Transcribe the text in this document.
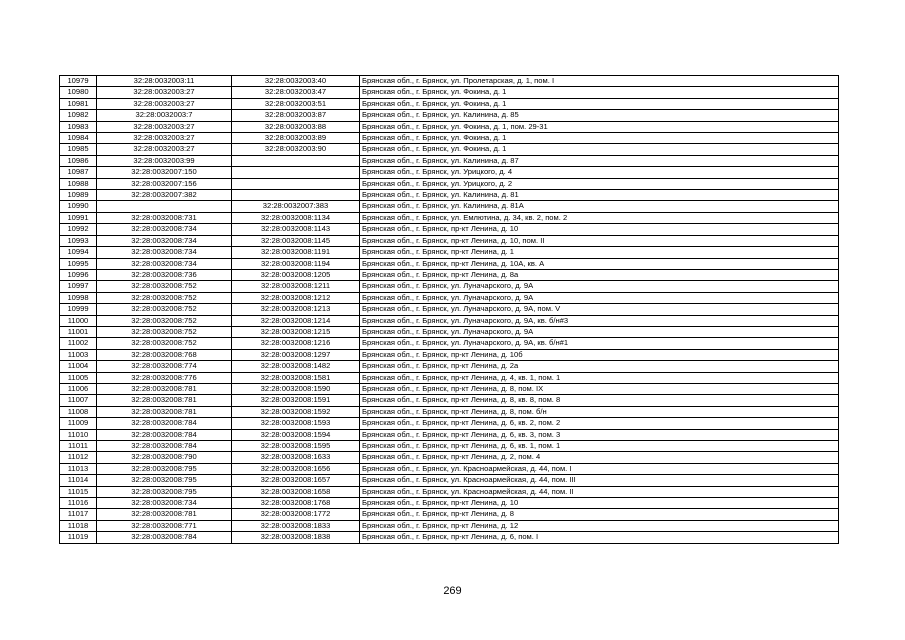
10979	32:28:0032003:11	32:28:0032003:40	Брянская обл., г. Брянск, ул. Пролетарская, д. 1, пом. I
10980	32:28:0032003:27	32:28:0032003:47	Брянская обл., г. Брянск, ул. Фокина, д. 1
10981	32:28:0032003:27	32:28:0032003:51	Брянская обл., г. Брянск, ул. Фокина, д. 1
10982	32:28:0032003:7	32:28:0032003:87	Брянская обл., г. Брянск, ул. Калинина, д. 85
10983	32:28:0032003:27	32:28:0032003:88	Брянская обл., г. Брянск, ул. Фокина, д. 1, пом. 29-31
10984	32:28:0032003:27	32:28:0032003:89	Брянская обл., г. Брянск, ул. Фокина, д. 1
10985	32:28:0032003:27	32:28:0032003:90	Брянская обл., г. Брянск, ул. Фокина, д. 1
10986	32:28:0032003:99		Брянская обл., г. Брянск, ул. Калинина, д. 87
10987	32:28:0032007:150		Брянская обл., г. Брянск, ул. Урицкого, д. 4
10988	32:28:0032007:156		Брянская обл., г. Брянск, ул. Урицкого, д. 2
10989	32:28:0032007:382		Брянская обл., г. Брянск, ул. Калинина, д. 81
10990		32:28:0032007:383	Брянская обл., г. Брянск, ул. Калинина, д. 81А
10991	32:28:0032008:731	32:28:0032008:1134	Брянская обл., г. Брянск, ул. Емлютина, д. 34, кв. 2, пом. 2
10992	32:28:0032008:734	32:28:0032008:1143	Брянская обл., г. Брянск, пр-кт Ленина, д. 10
10993	32:28:0032008:734	32:28:0032008:1145	Брянская обл., г. Брянск, пр-кт Ленина, д. 10, пом. II
10994	32:28:0032008:734	32:28:0032008:1191	Брянская обл., г. Брянск, пр-кт Ленина, д. 1
10995	32:28:0032008:734	32:28:0032008:1194	Брянская обл., г. Брянск, пр-кт Ленина, д. 10А, кв. А
10996	32:28:0032008:736	32:28:0032008:1205	Брянская обл., г. Брянск, пр-кт Ленина, д. 8а
10997	32:28:0032008:752	32:28:0032008:1211	Брянская обл., г. Брянск, ул. Луначарского, д. 9А
10998	32:28:0032008:752	32:28:0032008:1212	Брянская обл., г. Брянск, ул. Луначарского, д. 9А
10999	32:28:0032008:752	32:28:0032008:1213	Брянская обл., г. Брянск, ул. Луначарского, д. 9А, пом. V
11000	32:28:0032008:752	32:28:0032008:1214	Брянская обл., г. Брянск, ул. Луначарского, д. 9А, кв. б/н#3
11001	32:28:0032008:752	32:28:0032008:1215	Брянская обл., г. Брянск, ул. Луначарского, д. 9А
11002	32:28:0032008:752	32:28:0032008:1216	Брянская обл., г. Брянск, ул. Луначарского, д. 9А, кв. б/н#1
11003	32:28:0032008:768	32:28:0032008:1297	Брянская обл., г. Брянск, пр-кт Ленина, д. 10б
11004	32:28:0032008:774	32:28:0032008:1482	Брянская обл., г. Брянск, пр-кт Ленина, д. 2а
11005	32:28:0032008:776	32:28:0032008:1581	Брянская обл., г. Брянск, пр-кт Ленина, д. 4, кв. 1, пом. 1
11006	32:28:0032008:781	32:28:0032008:1590	Брянская обл., г. Брянск, пр-кт Ленина, д. 8, пом. IX
11007	32:28:0032008:781	32:28:0032008:1591	Брянская обл., г. Брянск, пр-кт Ленина, д. 8, кв. 8, пом. 8
11008	32:28:0032008:781	32:28:0032008:1592	Брянская обл., г. Брянск, пр-кт Ленина, д. 8, пом. б/н
11009	32:28:0032008:784	32:28:0032008:1593	Брянская обл., г. Брянск, пр-кт Ленина, д. 6, кв. 2, пом. 2
11010	32:28:0032008:784	32:28:0032008:1594	Брянская обл., г. Брянск, пр-кт Ленина, д. 6, кв. 3, пом. 3
11011	32:28:0032008:784	32:28:0032008:1595	Брянская обл., г. Брянск, пр-кт Ленина, д. 6, кв. 1, пом. 1
11012	32:28:0032008:790	32:28:0032008:1633	Брянская обл., г. Брянск, пр-кт Ленина, д. 2, пом. 4
11013	32:28:0032008:795	32:28:0032008:1656	Брянская обл., г. Брянск, ул. Красноармейская, д. 44, пом. I
11014	32:28:0032008:795	32:28:0032008:1657	Брянская обл., г. Брянск, ул. Красноармейская, д. 44, пом. III
11015	32:28:0032008:795	32:28:0032008:1658	Брянская обл., г. Брянск, ул. Красноармейская, д. 44, пом. II
11016	32:28:0032008:734	32:28:0032008:1768	Брянская обл., г. Брянск, пр-кт Ленина, д. 10
11017	32:28:0032008:781	32:28:0032008:1772	Брянская обл., г. Брянск, пр-кт Ленина, д. 8
11018	32:28:0032008:771	32:28:0032008:1833	Брянская обл., г. Брянск, пр-кт Ленина, д. 12
11019	32:28:0032008:784	32:28:0032008:1838	Брянская обл., г. Брянск, пр-кт Ленина, д. 6, пом. I
269
